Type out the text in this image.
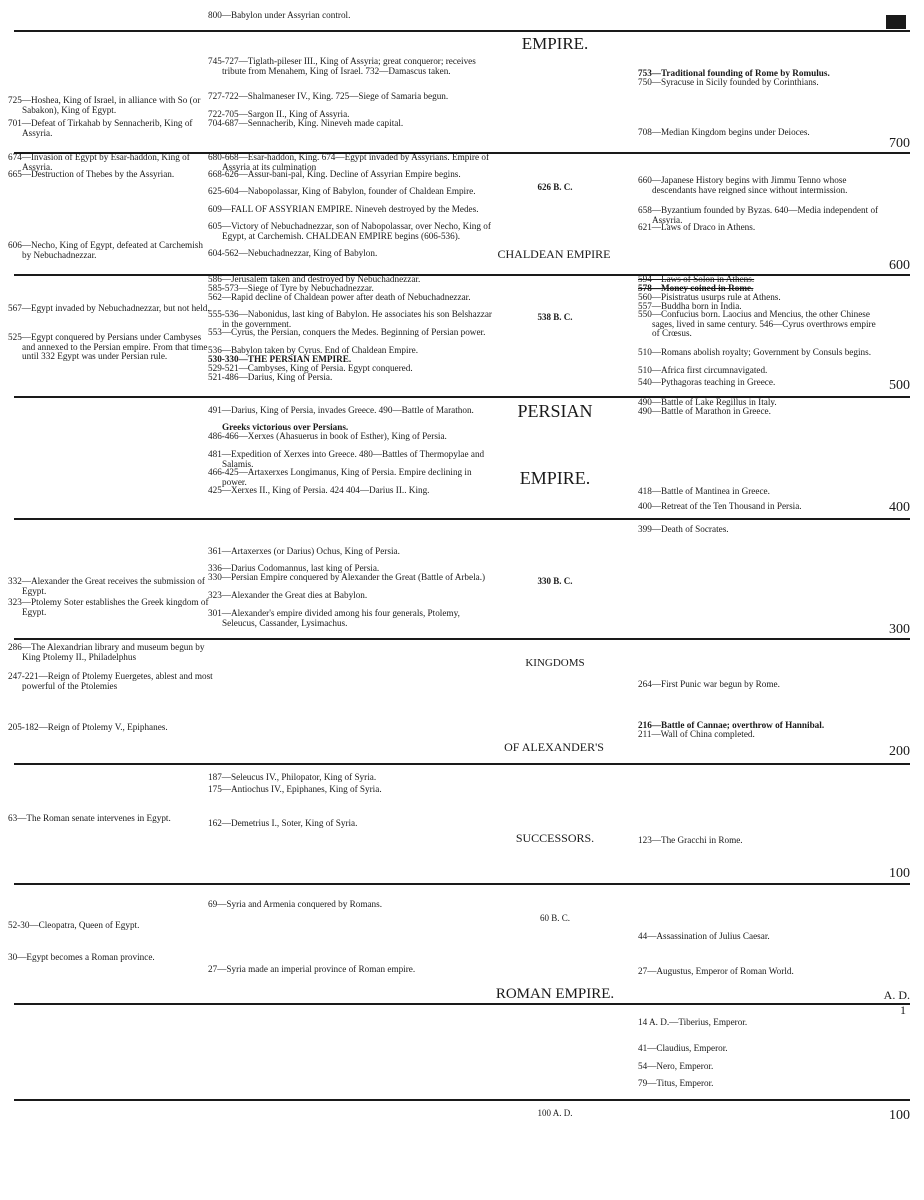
800—Babylon under Assyrian control.
88
EMPIRE.
CHALDEAN EMPIRE
PERSIAN
EMPIRE.
KINGDOMS
OF ALEXANDER'S
SUCCESSORS.
ROMAN EMPIRE.
626 B. C.
538 B. C.
330 B. C.
60 B. C.
100 A. D.
700
600
500
400
300
200
100
A. D.
1
100
725—Hoshea, King of Israel, in alliance with So (or Sabakon), King of Egypt.
701—Defeat of Tirkahab by Sennacherib, King of Assyria.
745-727—Tiglath-pileser III., King of Assyria; great conqueror; receives tribute from Menahem, King of Israel. 732—Damascus taken.
727-722—Shalmaneser IV., King. 725—Siege of Samaria begun.
722-705—Sargon II., King of Assyria.
704-687—Sennacherib, King. Nineveh made capital.
753—Traditional founding of Rome by Romulus.
750—Syracuse in Sicily founded by Corinthians.
708—Median Kingdom begins under Deioces.
674—Invasion of Egypt by Esar-haddon, King of Assyria.
665—Destruction of Thebes by the Assyrian.
606—Necho, King of Egypt, defeated at Carchemish by Nebuchadnezzar.
680-668—Esar-haddon, King. 674—Egypt invaded by Assyrians. Empire of Assyria at its culmination
668-626—Assur-bani-pal, King. Decline of Assyrian Empire begins.
625-604—Nabopolassar, King of Babylon, founder of Chaldean Empire.
609—FALL OF ASSYRIAN EMPIRE. Nineveh destroyed by the Medes.
605—Victory of Nebuchadnezzar, son of Nabopolassar, over Necho, King of Egypt, at Carchemish. CHALDEAN EMPIRE begins (606-536).
604-562—Nebuchadnezzar, King of Babylon.
660—Japanese History begins with Jimmu Tenno whose descendants have reigned since without intermission.
658—Byzantium founded by Byzas. 640—Media independent of Assyria.
621—Laws of Draco in Athens.
567—Egypt invaded by Nebuchadnezzar, but not held.
525—Egypt conquered by Persians under Cambyses and annexed to the Persian empire. From that time until 332 Egypt was under Persian rule.
586—Jerusalem taken and destroyed by Nebuchadnezzar.
585-573—Siege of Tyre by Nebuchadnezzar.
562—Rapid decline of Chaldean power after death of Nebuchadnezzar.
555-536—Nabonidus, last king of Babylon. He associates his son Belshazzar in the government.
553—Cyrus, the Persian, conquers the Medes. Beginning of Persian power.
536—Babylon taken by Cyrus. End of Chaldean Empire.
530-330—THE PERSIAN EMPIRE.
529-521—Cambyses, King of Persia. Egypt conquered.
521-486—Darius, King of Persia.
594—Laws of Solon in Athens.
578—Money coined in Rome.
560—Pisistratus usurps rule at Athens.
557—Buddha born in India.
550—Confucius born. Laocius and Mencius, the other Chinese sages, lived in same century. 546—Cyrus overthrows empire of Crœsus.
510—Romans abolish royalty; Government by Consuls begins.
510—Africa first circumnavigated.
540—Pythagoras teaching in Greece.
491—Darius, King of Persia, invades Greece. 490—Battle of Marathon.
Greeks victorious over Persians.
486-466—Xerxes (Ahasuerus in book of Esther), King of Persia.
481—Expedition of Xerxes into Greece. 480—Battles of Thermopylae and Salamis.
466-425—Artaxerxes Longimanus, King of Persia. Empire declining in power.
425—Xerxes II., King of Persia. 424 404—Darius II.. King.
490—Battle of Lake Regillus in Italy.
490—Battle of Marathon in Greece.
418—Battle of Mantinea in Greece.
400—Retreat of the Ten Thousand in Persia.
332—Alexander the Great receives the submission of Egypt.
323—Ptolemy Soter establishes the Greek kingdom of Egypt.
361—Artaxerxes (or Darius) Ochus, King of Persia.
336—Darius Codomannus, last king of Persia.
330—Persian Empire conquered by Alexander the Great (Battle of Arbela.)
323—Alexander the Great dies at Babylon.
301—Alexander's empire divided among his four generals, Ptolemy, Seleucus, Cassander, Lysimachus.
399—Death of Socrates.
286—The Alexandrian library and museum begun by King Ptolemy II., Philadelphus
247-221—Reign of Ptolemy Euergetes, ablest and most powerful of the Ptolemies
205-182—Reign of Ptolemy V., Epiphanes.
264—First Punic war begun by Rome.
216—Battle of Cannae; overthrow of Hannibal.
211—Wall of China completed.
63—The Roman senate intervenes in Egypt.
187—Seleucus IV., Philopator, King of Syria.
175—Antiochus IV., Epiphanes, King of Syria.
162—Demetrius I., Soter, King of Syria.
123—The Gracchi in Rome.
52-30—Cleopatra, Queen of Egypt.
30—Egypt becomes a Roman province.
69—Syria and Armenia conquered by Romans.
27—Syria made an imperial province of Roman empire.
44—Assassination of Julius Caesar.
27—Augustus, Emperor of Roman World.
14 A. D.—Tiberius, Emperor.
41—Claudius, Emperor.
54—Nero, Emperor.
79—Titus, Emperor.
